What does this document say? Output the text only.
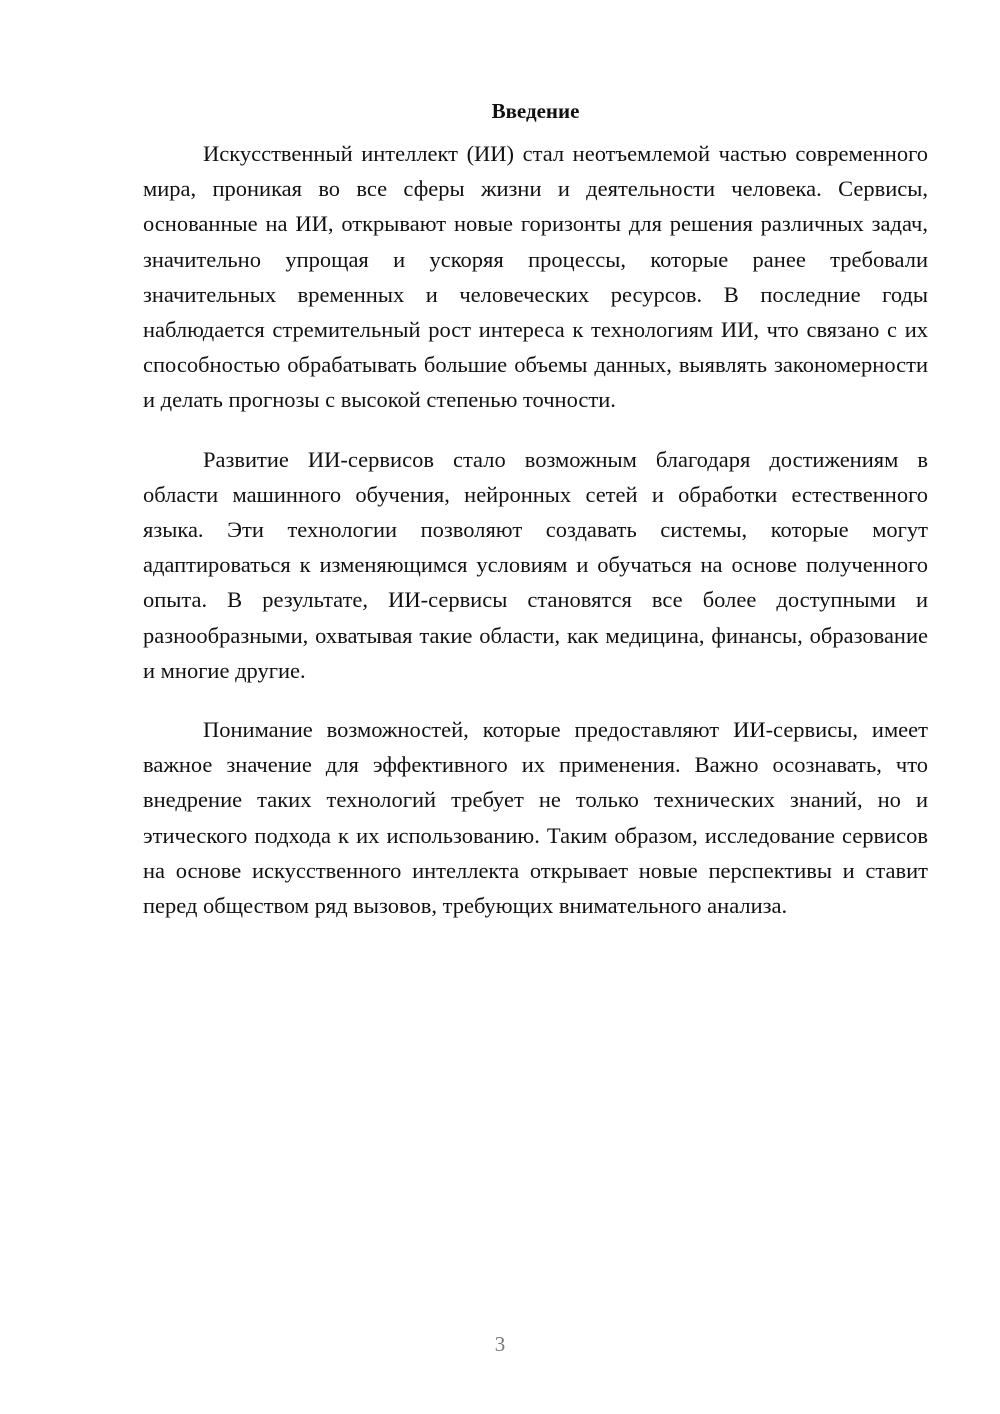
Введение

Искусственный интеллект (ИИ) стал неотъемлемой частью современного мира, проникая во все сферы жизни и деятельности человека. Сервисы, основанные на ИИ, открывают новые горизонты для решения различных задач, значительно упрощая и ускоряя процессы, которые ранее требовали значительных временных и человеческих ресурсов. В последние годы наблюдается стремительный рост интереса к технологиям ИИ, что связано с их способностью обрабатывать большие объемы данных, выявлять закономерности и делать прогнозы с высокой степенью точности.

Развитие ИИ-сервисов стало возможным благодаря достижениям в области машинного обучения, нейронных сетей и обработки естественного языка. Эти технологии позволяют создавать системы, которые могут адаптироваться к изменяющимся условиям и обучаться на основе полученного опыта. В результате, ИИ-сервисы становятся все более доступными и разнообразными, охватывая такие области, как медицина, финансы, образование и многие другие.

Понимание возможностей, которые предоставляют ИИ-сервисы, имеет важное значение для эффективного их применения. Важно осознавать, что внедрение таких технологий требует не только технических знаний, но и этического подхода к их использованию. Таким образом, исследование сервисов на основе искусственного интеллекта открывает новые перспективы и ставит перед обществом ряд вызовов, требующих внимательного анализа.

3
